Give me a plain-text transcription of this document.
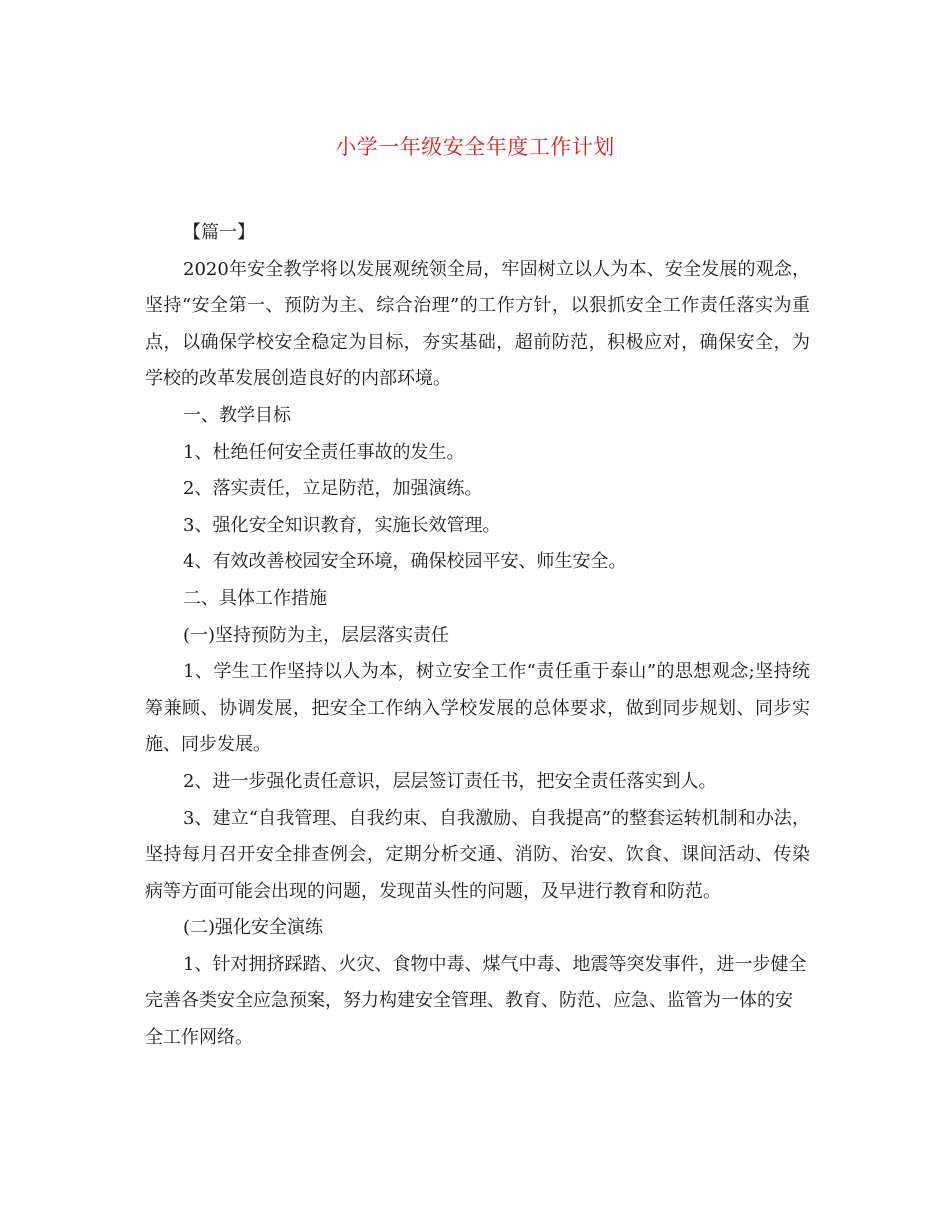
小学一年级安全年度工作计划

【篇一】

2020年安全教学将以发展观统领全局，牢固树立以人为本、安全发展的观念，坚持“安全第一、预防为主、综合治理”的工作方针，以狠抓安全工作责任落实为重点，以确保学校安全稳定为目标，夯实基础，超前防范，积极应对，确保安全，为学校的改革发展创造良好的内部环境。

一、教学目标

1、杜绝任何安全责任事故的发生。

2、落实责任，立足防范，加强演练。

3、强化安全知识教育，实施长效管理。

4、有效改善校园安全环境，确保校园平安、师生安全。

二、具体工作措施

(一)坚持预防为主，层层落实责任

1、学生工作坚持以人为本，树立安全工作“责任重于泰山”的思想观念;坚持统筹兼顾、协调发展，把安全工作纳入学校发展的总体要求，做到同步规划、同步实施、同步发展。

2、进一步强化责任意识，层层签订责任书，把安全责任落实到人。

3、建立“自我管理、自我约束、自我激励、自我提高”的整套运转机制和办法，坚持每月召开安全排查例会，定期分析交通、消防、治安、饮食、课间活动、传染病等方面可能会出现的问题，发现苗头性的问题，及早进行教育和防范。

(二)强化安全演练

1、针对拥挤踩踏、火灾、食物中毒、煤气中毒、地震等突发事件，进一步健全完善各类安全应急预案，努力构建安全管理、教育、防范、应急、监管为一体的安全工作网络。
